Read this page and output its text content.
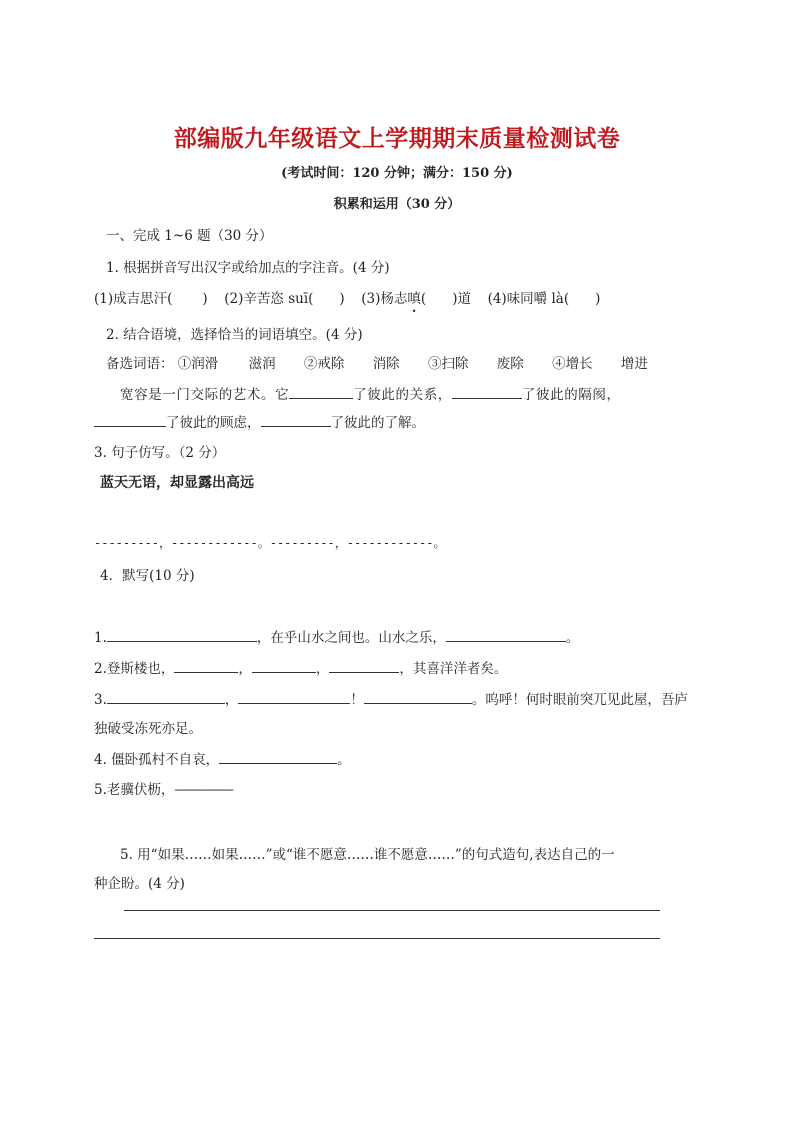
部编版九年级语文上学期期末质量检测试卷
(考试时间：120 分钟；满分：150 分)
积累和运用（30 分）
一、完成 1~6 题（30 分）
1. 根据拼音写出汉字或给加点的字注音。(4 分)
(1)成吉思汗( ) (2)辛苦恣 suī( ) (3)杨志嗔( )道 (4)味同嚼 là( )
2. 结合语境，选择恰当的词语填空。(4 分)
备选词语： ①润滑 滋润 ②戒除 消除 ③扫除 废除 ④增长 增进
宽容是一门交际的艺术。它	了彼此的关系，	了彼此的隔阂，
了彼此的顾虑，	了彼此的了解。
3. 句子仿写。（2 分）
蓝天无语，却显露出高远
---------，------------。---------，------------。
4．默写(10 分)
1.	，在乎山水之间也。山水之乐，	。
2.登斯楼也，	，	，	，其喜洋洋者矣。
3.	，	！	。呜呼！何时眼前突兀见此屋，吾庐
独破受冻死亦足。
4. 僵卧孤村不自哀，	。
5.老骥伏枥，—————
5. 用“如果……如果……”或“谁不愿意……谁不愿意……”的句式造句,表达自己的一
种企盼。(4 分)
